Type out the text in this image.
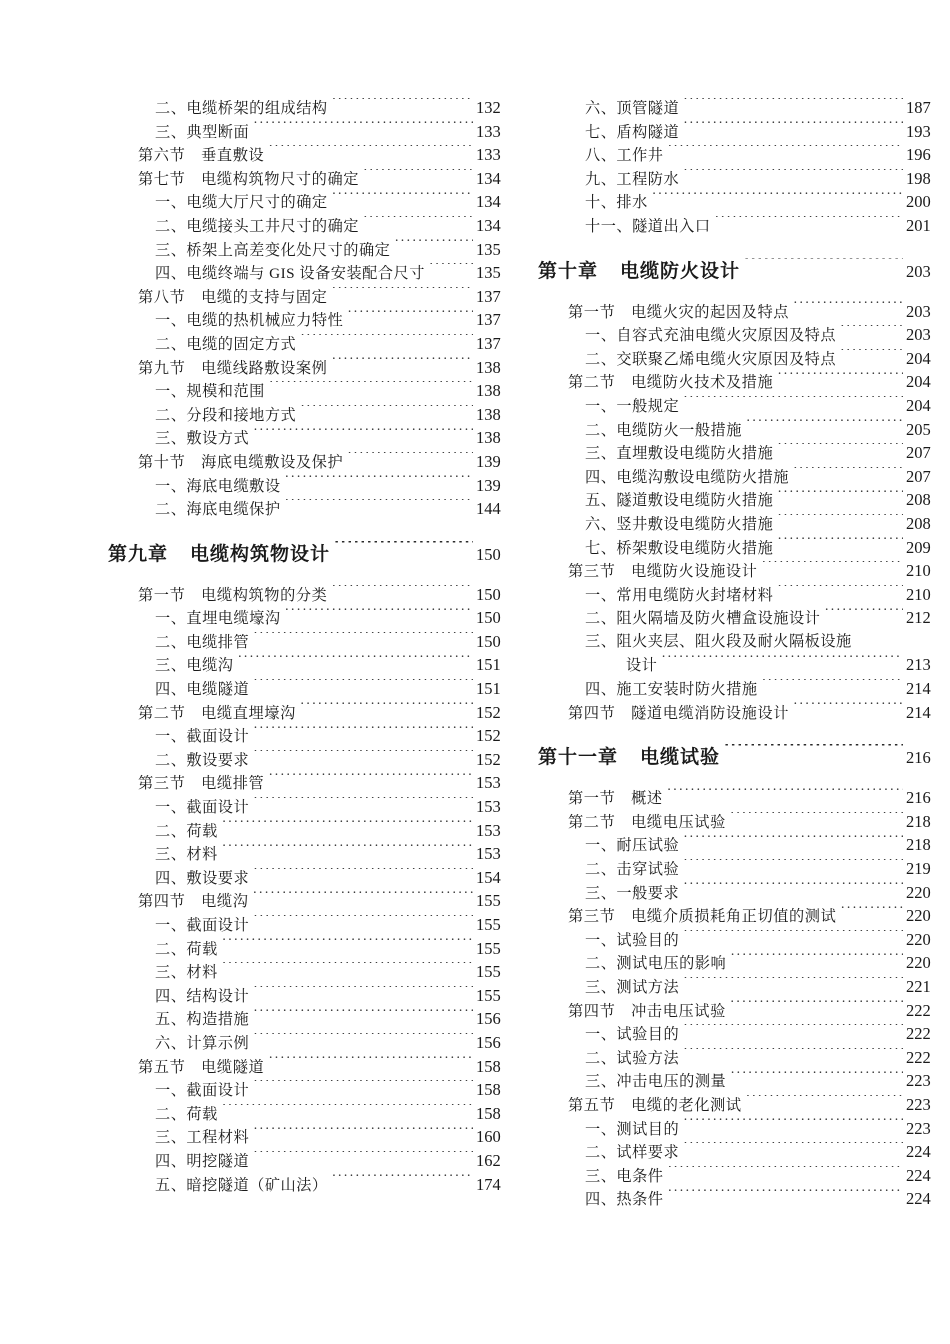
二、电缆桥架的组成结构 ·····	132
三、典型断面 ·····	133
第六节　垂直敷设 ·····	133
第七节　电缆构筑物尺寸的确定 ·····	134
一、电缆大厅尺寸的确定 ·····	134
二、电缆接头工井尺寸的确定 ·····	134
三、桥架上高差变化处尺寸的确定 ·····	135
四、电缆终端与 GIS 设备安装配合尺寸 ·····	135
第八节　电缆的支持与固定 ·····	137
一、电缆的热机械应力特性 ·····	137
二、电缆的固定方式 ·····	137
第九节　电缆线路敷设案例 ·····	138
一、规模和范围 ·····	138
二、分段和接地方式 ·····	138
三、敷设方式 ·····	138
第十节　海底电缆敷设及保护 ·····	139
一、海底电缆敷设 ·····	139
二、海底电缆保护 ·····	144
第九章 电缆构筑物设计 ·····	150
第一节　电缆构筑物的分类 ·····	150
一、直埋电缆壕沟 ·····	150
二、电缆排管 ·····	150
三、电缆沟 ·····	151
四、电缆隧道 ·····	151
第二节　电缆直埋壕沟 ·····	152
一、截面设计 ·····	152
二、敷设要求 ·····	152
第三节　电缆排管 ·····	153
一、截面设计 ·····	153
二、荷载 ·····	153
三、材料 ·····	153
四、敷设要求 ·····	154
第四节　电缆沟 ·····	155
一、截面设计 ·····	155
二、荷载 ·····	155
三、材料 ·····	155
四、结构设计 ·····	155
五、构造措施 ·····	156
六、计算示例 ·····	156
第五节　电缆隧道 ·····	158
一、截面设计 ·····	158
二、荷载 ·····	158
三、工程材料 ·····	160
四、明挖隧道 ·····	162
五、暗挖隧道（矿山法） ·····	174
六、顶管隧道 ·····	187
七、盾构隧道 ·····	193
八、工作井 ·····	196
九、工程防水 ·····	198
十、排水 ·····	200
十一、隧道出入口 ·····	201
第十章 电缆防火设计 ·····	203
第一节　电缆火灾的起因及特点 ·····	203
一、自容式充油电缆火灾原因及特点 ·····	203
二、交联聚乙烯电缆火灾原因及特点 ·····	204
第二节　电缆防火技术及措施 ·····	204
一、一般规定 ·····	204
二、电缆防火一般措施 ·····	205
三、直埋敷设电缆防火措施 ·····	207
四、电缆沟敷设电缆防火措施 ·····	207
五、隧道敷设电缆防火措施 ·····	208
六、竖井敷设电缆防火措施 ·····	208
七、桥架敷设电缆防火措施 ·····	209
第三节　电缆防火设施设计 ·····	210
一、常用电缆防火封堵材料 ·····	210
二、阻火隔墙及防火槽盒设施设计 ·····	212
三、阻火夹层、阻火段及耐火隔板设施
设计 ·····	213
四、施工安装时防火措施 ·····	214
第四节　隧道电缆消防设施设计 ·····	214
第十一章 电缆试验 ·····	216
第一节　概述 ·····	216
第二节　电缆电压试验 ·····	218
一、耐压试验 ·····	218
二、击穿试验 ·····	219
三、一般要求 ·····	220
第三节　电缆介质损耗角正切值的测试 ·····	220
一、试验目的 ·····	220
二、测试电压的影响 ·····	220
三、测试方法 ·····	221
第四节　冲击电压试验 ·····	222
一、试验目的 ·····	222
二、试验方法 ·····	222
三、冲击电压的测量 ·····	223
第五节　电缆的老化测试 ·····	223
一、测试目的 ·····	223
二、试样要求 ·····	224
三、电条件 ·····	224
四、热条件 ·····	224
